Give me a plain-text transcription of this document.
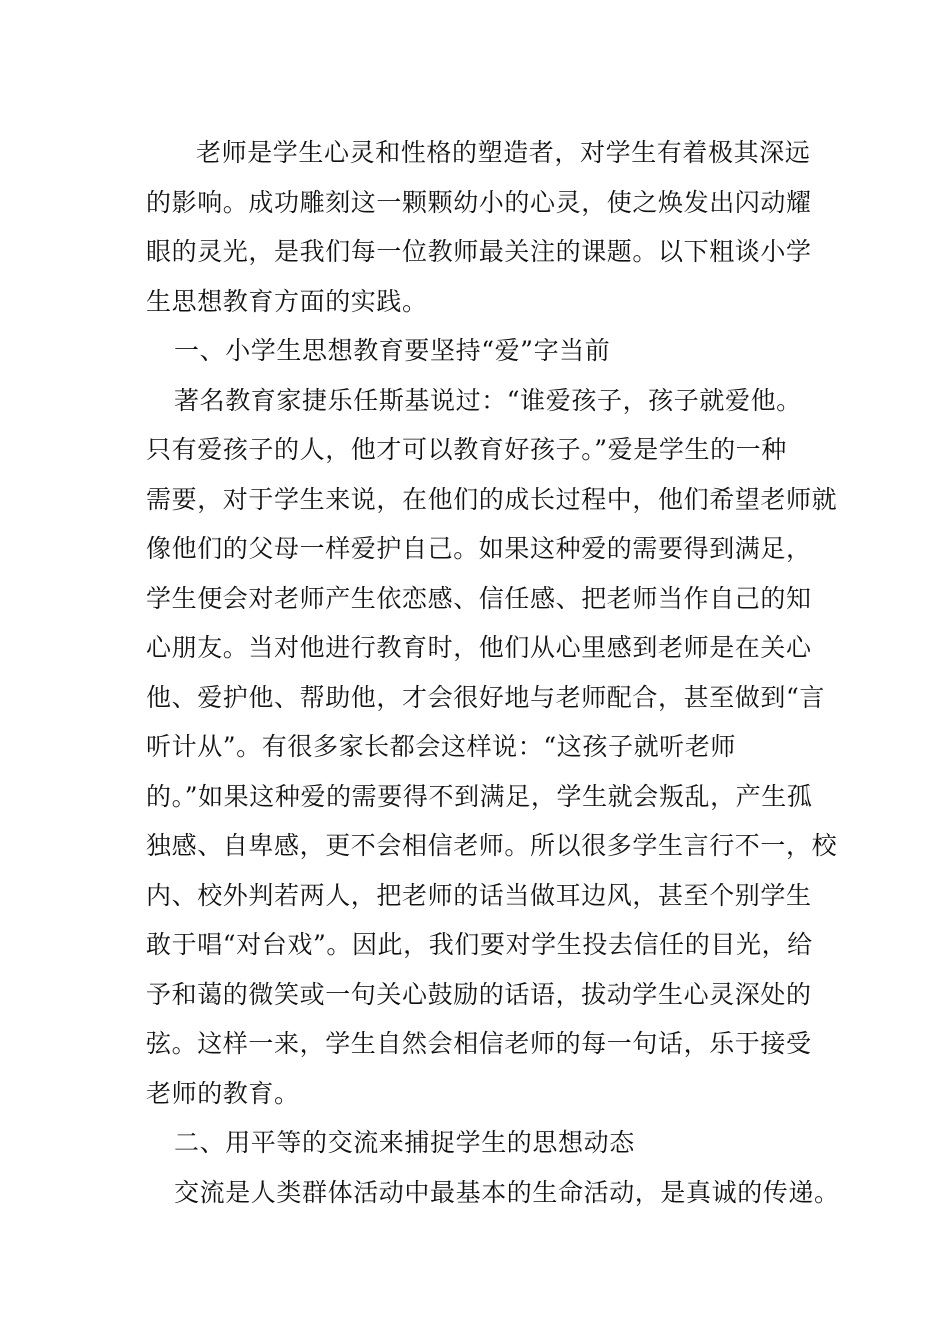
老师是学生心灵和性格的塑造者，对学生有着极其深远
的影响。成功雕刻这一颗颗幼小的心灵，使之焕发出闪动耀
眼的灵光，是我们每一位教师最关注的课题。以下粗谈小学
生思想教育方面的实践。
一、小学生思想教育要坚持“爱”字当前
著名教育家捷乐任斯基说过：“谁爱孩子，孩子就爱他。
只有爱孩子的人，他才可以教育好孩子。”爱是学生的一种
需要，对于学生来说，在他们的成长过程中，他们希望老师就
像他们的父母一样爱护自己。如果这种爱的需要得到满足，
学生便会对老师产生依恋感、信任感、把老师当作自己的知
心朋友。当对他进行教育时，他们从心里感到老师是在关心
他、爱护他、帮助他，才会很好地与老师配合，甚至做到“言
听计从”。有很多家长都会这样说：“这孩子就听老师
的。”如果这种爱的需要得不到满足，学生就会叛乱，产生孤
独感、自卑感，更不会相信老师。所以很多学生言行不一，校
内、校外判若两人，把老师的话当做耳边风，甚至个别学生
敢于唱“对台戏”。因此，我们要对学生投去信任的目光，给
予和蔼的微笑或一句关心鼓励的话语，拔动学生心灵深处的
弦。这样一来，学生自然会相信老师的每一句话，乐于接受
老师的教育。
二、用平等的交流来捕捉学生的思想动态
交流是人类群体活动中最基本的生命活动，是真诚的传递。
